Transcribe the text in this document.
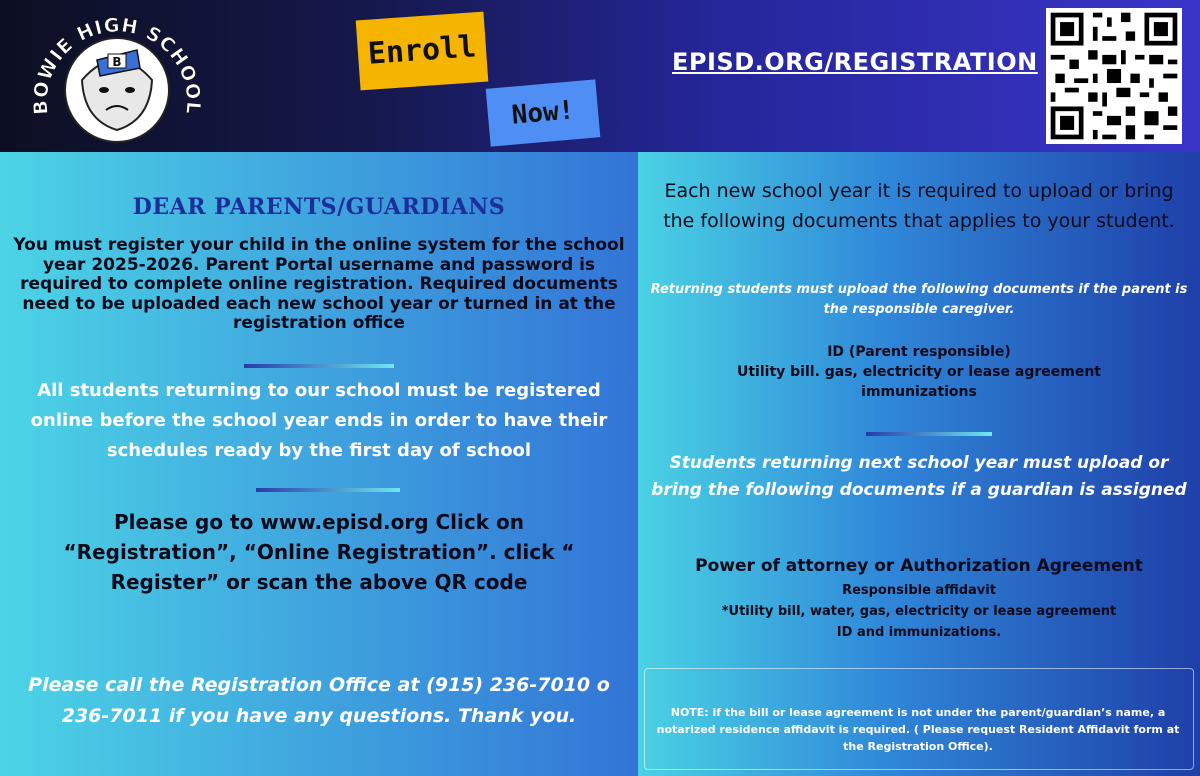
B
BOWIE HIGH SCHOOL
Enroll
Now!
EPISD.ORG/REGISTRATION
DEAR PARENTS/GUARDIANS

You must register your child in the online system for the school year 2025-2026. Parent Portal username and password is required to complete online registration. Required documents need to be uploaded each new school year or turned in at the registration office

All students returning to our school must be registered online before the school year ends in order to have their schedules ready by the first day of school

Please go to www.episd.org Click on “Registration”, “Online Registration”. click “ Register” or scan the above QR code

Please call the Registration Office at (915) 236-7010 o 236-7011 if you have any questions. Thank you.

Each new school year it is required to upload or bring the following documents that applies to your student.

Returning students must upload the following documents if the parent is the responsible caregiver.

ID (Parent responsible)
Utility bill. gas, electricity or lease agreement
immunizations

Students returning next school year must upload or bring the following documents if a guardian is assigned

Power of attorney or Authorization Agreement
Responsible affidavit
*Utility bill, water, gas, electricity or lease agreement
ID and immunizations.

NOTE: if the bill or lease agreement is not under the parent/guardian’s name, a notarized residence affidavit is required. ( Please request Resident Affidavit form at the Registration Office).
